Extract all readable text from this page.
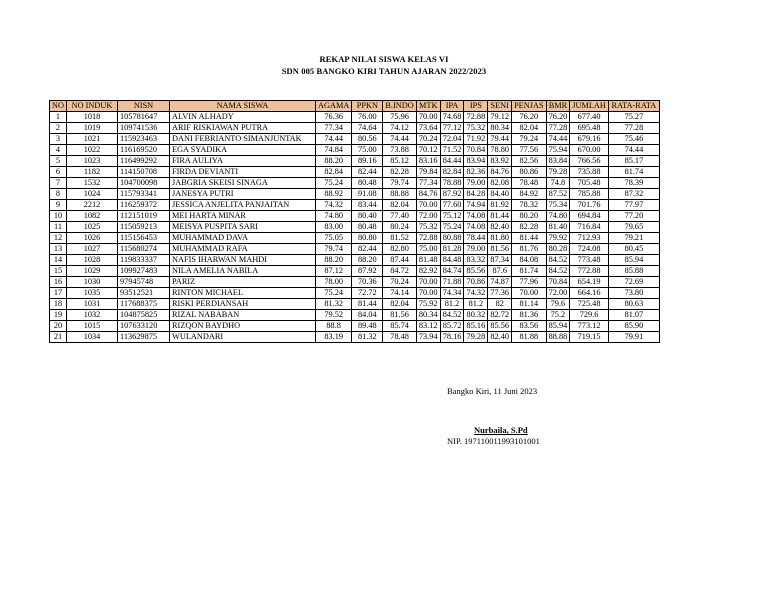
REKAP NILAI SISWA KELAS VI
SDN 005 BANGKO KIRI TAHUN AJARAN 2022/2023
NO	NO INDUK	NISN	NAMA SISWA	AGAMA	PPKN	B.INDO	MTK	IPA	IPS	SENI	PENJAS	BMR	JUMLAH	RATA-RATA
1	1018	105781647	ALVIN ALHADY	76.36	76.00	75.96	70.00	74.68	72.88	79.12	76.20	76.20	677.40	75.27
2	1019	109741536	ARIF RISKIAWAN PUTRA	77.34	74.64	74.12	73.64	77.12	75.32	80.34	82.04	77.28	695.48	77.28
3	1021	115923463	DANI FEBRIANTO SIMANJUNTAK	74.44	80.56	74.44	70.24	72.04	71.92	79.44	79.24	74.44	679.16	75.46
4	1022	116169520	EGA SYADIKA	74.84	75.00	73.88	70.12	71.52	70.84	78.80	77.56	75.94	670.00	74.44
5	1023	116499292	FIRA AULIYA	88.20	89.16	85.12	83.16	84.44	83.94	83.92	82.56	83.84	766.56	85.17
6	1182	114150708	FIRDA DEVIANTI	82.84	82.44	82.28	79.84	82.84	82.36	84.76	80.86	79.28	735.88	81.74
7	1532	104700098	JABGRIA SKEISI SINAGA	75.24	80.48	79.74	77.34	78.88	79.00	82.08	78.48	74.8	705.48	78.39
8	1024	115793341	JANESYA PUTRI	88.92	91.08	88.88	84.76	87.92	84.28	84.40	84.92	87.52	785.88	87.32
9	2212	116259372	JESSICA ANJELITA PANJAITAN	74.32	83.44	82.04	70.00	77.60	74.94	81.92	78.32	75.34	701.76	77.97
10	1082	112151019	MEI HARTA MINAR	74.80	80.40	77.40	72.00	75.12	74.08	81.44	80.20	74.80	694.84	77.20
11	1025	115059213	MEISYA PUSPITA SARI	83.00	80.48	80.24	75.32	75.24	74.08	82.40	82.28	81.40	716.84	79.65
12	1026	115156453	MUHAMMAD DAVA	75.05	80.80	81.52	72.88	80.88	78.44	81.80	81.44	79.92	712.93	79.21
13	1027	115680274	MUHAMMAD RAFA	79.74	82.44	82.80	75.00	81.28	79.00	81.56	81.76	80.28	724.08	80.45
14	1028	119833337	NAFIS IHARWAN MAHDI	88.20	88.20	87.44	81.48	84.48	83.32	87.34	84.08	84.52	773.48	85.94
15	1029	109927483	NILA AMELIA NABILA	87.12	87.92	84.72	82.92	84.74	85.56	87.6	81.74	84.52	772.88	85.88
16	1030	97945748	PARIZ	78.00	70.36	70.24	70.00	71.88	70.86	74.87	77.96	70.84	654.19	72.69
17	1035	93512521	RINTON MICHAEL	75.24	72.72	74.14	70.00	74.34	74.32	77.36	70.00	72.00	664.16	73.80
18	1031	117688375	RISKI PERDIANSAH	81.32	81.44	82.04	75.92	81.2	81.2	82	81.14	79.6	725.48	80.63
19	1032	104875825	RIZAL NABABAN	79.52	84.04	81.56	80.34	84.52	80.32	82.72	81.36	75.2	729.6	81.07
20	1015	107633120	RIZQON BAYDHO	88.8	89.48	85.74	83.12	85.72	85.16	85.56	83.56	85.94	773.12	85.90
21	1034	113629875	WULANDARI	83.19	81.32	78.48	73.94	78.16	79.28	82.40	81.88	88.88	719.15	79.91
Bangko Kiri, 11 Juni 2023
Nurbaila, S.Pd
NIP. 197110011993101001
